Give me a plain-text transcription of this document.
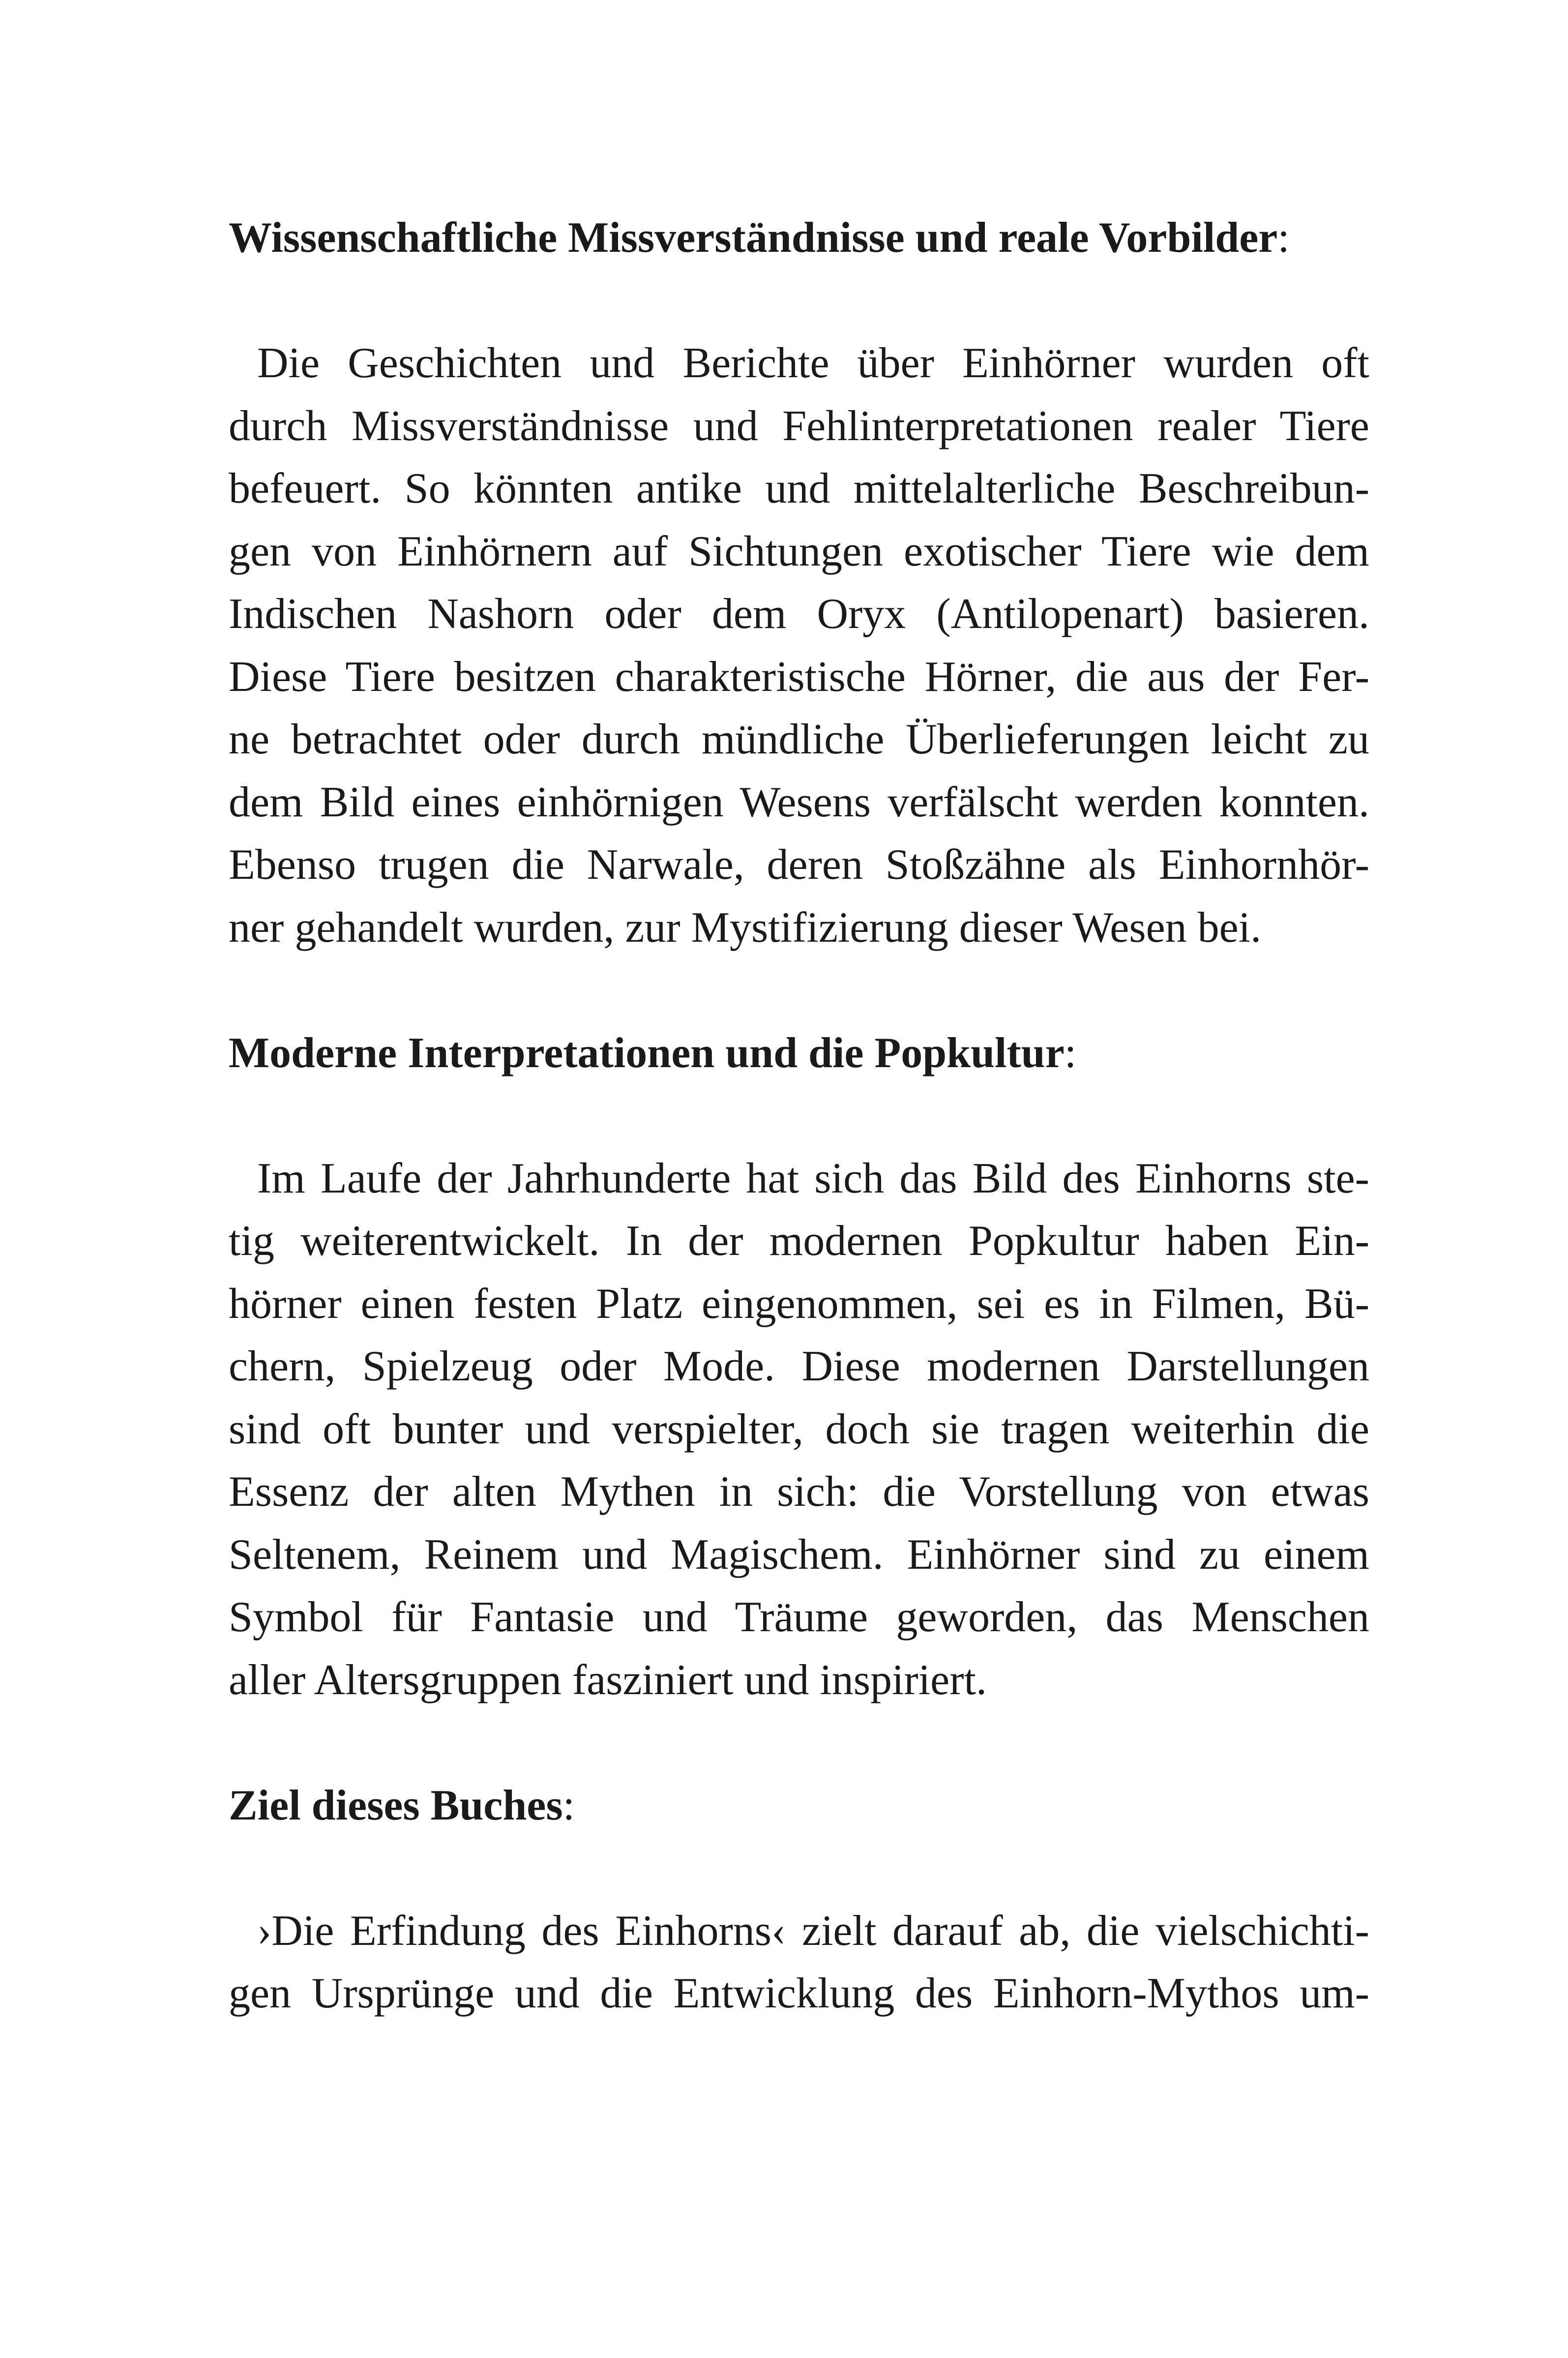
Wissenschaftliche Missverständnisse und reale Vorbilder:

Die Geschichten und Berichte über Einhörner wurden oft
durch Missverständnisse und Fehlinterpretationen realer Tiere
befeuert. So könnten antike und mittelalterliche Beschreibun-
gen von Einhörnern auf Sichtungen exotischer Tiere wie dem
Indischen Nashorn oder dem Oryx (Antilopenart) basieren.
Diese Tiere besitzen charakteristische Hörner, die aus der Fer-
ne betrachtet oder durch mündliche Überlieferungen leicht zu
dem Bild eines einhörnigen Wesens verfälscht werden konnten.
Ebenso trugen die Narwale, deren Stoßzähne als Einhornhör-
ner gehandelt wurden, zur Mystifizierung dieser Wesen bei.

Moderne Interpretationen und die Popkultur:

Im Laufe der Jahrhunderte hat sich das Bild des Einhorns ste-
tig weiterentwickelt. In der modernen Popkultur haben Ein-
hörner einen festen Platz eingenommen, sei es in Filmen, Bü-
chern, Spielzeug oder Mode. Diese modernen Darstellungen
sind oft bunter und verspielter, doch sie tragen weiterhin die
Essenz der alten Mythen in sich: die Vorstellung von etwas
Seltenem, Reinem und Magischem. Einhörner sind zu einem
Symbol für Fantasie und Träume geworden, das Menschen
aller Altersgruppen fasziniert und inspiriert.

Ziel dieses Buches:

›Die Erfindung des Einhorns‹ zielt darauf ab, die vielschichti-
gen Ursprünge und die Entwicklung des Einhorn-Mythos um-
